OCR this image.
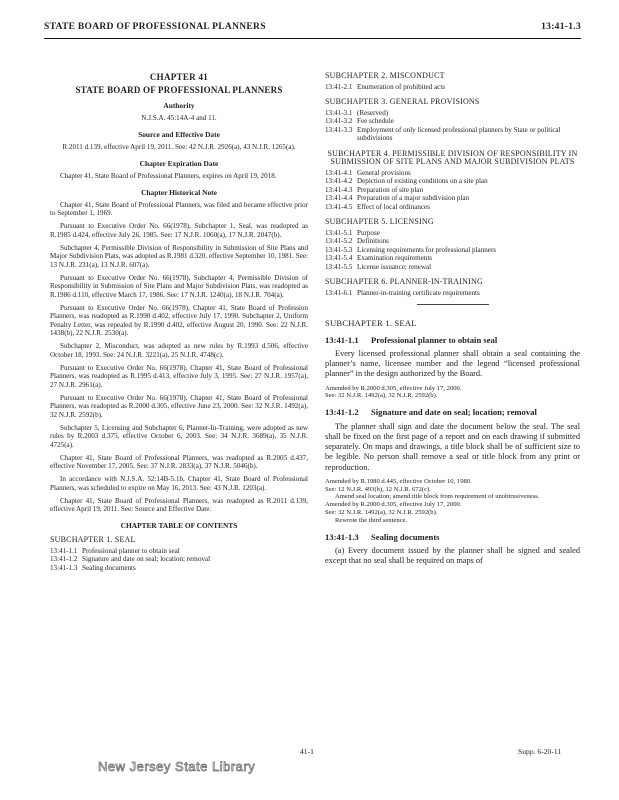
STATE BOARD OF PROFESSIONAL PLANNERS	13:41-1.3
CHAPTER 41
STATE BOARD OF PROFESSIONAL PLANNERS
Authority
N.J.S.A. 45:14A-4 and 11.
Source and Effective Date
R.2011 d.139, effective April 19, 2011. See: 42 N.J.R. 2926(a), 43 N.J.R. 1265(a).
Chapter Expiration Date

Chapter 41, State Board of Professional Planners, expires on April 19, 2018.

Chapter Historical Note

Chapter 41, State Board of Professional Planners, was filed and became effective prior to September 1, 1969.

Pursuant to Executive Order No. 66(1978), Subchapter 1, Seal, was readopted as R.1985 d.424, effective July 26, 1985. See: 17 N.J.R. 1060(a), 17 N.J.R. 2047(b).

Subchapter 4, Permissible Division of Responsibility in Submission of Site Plans and Major Subdivision Plats, was adopted as R.1981 d.320, effective September 10, 1981. See: 13 N.J.R. 231(a), 13 N.J.R. 607(a).

Pursuant to Executive Order No. 66(1978), Subchapter 4, Permissible Division of Responsibility in Submission of Site Plans and Major Subdivision Plats, was readopted as R.1986 d.110, effective March 17, 1986. See: 17 N.J.R. 1240(a), 18 N.J.R. 704(a).

Pursuant to Executive Order No. 66(1978), Chapter 41, State Board of Profession Planners, was readopted as R.1990 d.402, effective July 17, 1990. Subchapter 2, Uniform Penalty Letter, was repealed by R.1990 d.402, effective August 20, 1990. See: 22 N.J.R. 1438(b), 22 N.J.R. 2530(a).

Subchapter 2, Misconduct, was adopted as new rules by R.1993 d.506, effective October 18, 1993. See: 24 N.J.R. 3221(a), 25 N.J.R. 4748(c).

Pursuant to Executive Order No. 66(1978), Chapter 41, State Board of Professional Planners, was readopted as R.1995 d.413, effective July 3, 1995. See: 27 N.J.R. 1957(a), 27 N.J.R. 2961(a).

Pursuant to Executive Order No. 66(1978), Chapter 41, State Board of Professional Planners, was readopted as R.2000 d.305, effective June 23, 2000. See: 32 N.J.R. 1492(a), 32 N.J.R. 2592(b).

Subchapter 5, Licensing and Subchapter 6, Planner-In-Training, were adopted as new rules by R.2003 d.375, effective October 6, 2003. See: 34 N.J.R. 3689(a), 35 N.J.R. 4725(a).

Chapter 41, State Board of Professional Planners, was readopted as R.2005 d.437, effective November 17, 2005. See: 37 N.J.R. 2833(a), 37 N.J.R. 5046(b).

In accordance with N.J.S.A. 52:14B-5.1b, Chapter 41, State Board of Professional Planners, was scheduled to expire on May 16, 2013. See: 43 N.J.R. 1203(a).

Chapter 41, State Board of Professional Planners, was readopted as R.2011 d.139, effective April 19, 2011. See: Source and Effective Date.

CHAPTER TABLE OF CONTENTS
SUBCHAPTER 1. SEAL
13:41-1.1 Professional planner to obtain seal
13:41-1.2 Signature and date on seal; location; removal
13:41-1.3 Sealing documents
SUBCHAPTER 2. MISCONDUCT
13:41-2.1 Enumeration of prohibited acts
SUBCHAPTER 3. GENERAL PROVISIONS
13:41-3.1 (Reserved)
13:41-3.2 Fee schedule
13:41-3.3 Employment of only licensed professional planners by State or political subdivisions
SUBCHAPTER 4. PERMISSIBLE DIVISION OF RESPONSIBILITY IN SUBMISSION OF SITE PLANS AND MAJOR SUBDIVISION PLATS
13:41-4.1 General provisions
13:41-4.2 Depiction of existing conditions on a site plan
13:41-4.3 Preparation of site plan
13:41-4.4 Preparation of a major subdivision plan
13:41-4.5 Effect of local ordinances
SUBCHAPTER 5. LICENSING
13:41-5.1 Purpose
13:41-5.2 Definitions
13:41-5.3 Licensing requirements for professional planners
13:41-5.4 Examination requirements
13:41-5.5 License issuance; renewal
SUBCHAPTER 6. PLANNER-IN-TRAINING
13:41-6.1 Planner-in-training certificate requirements
SUBCHAPTER 1. SEAL
13:41-1.1	Professional planner to obtain seal

Every licensed professional planner shall obtain a seal containing the planner’s name, licensee number and the legend “licensed professional planner” in the design authorized by the Board.

Amended by R.2000 d.305, effective July 17, 2000.
See: 32 N.J.R. 1492(a), 32 N.J.R. 2592(b).
13:41-1.2	Signature and date on seal; location; removal

The planner shall sign and date the document below the seal. The seal shall be fixed on the first page of a report and on each drawing if submitted separately. On maps and drawings, a title block shall be of sufficient size to be legible. No person shall remove a seal or title block from any print or reproduction.

Amended by R.1980 d.445, effective October 10, 1980.
See: 12 N.J.R. 493(b), 12 N.J.R. 672(c).
Amend seal location; amend title block from requirement of unobtrusiveness.
Amended by R.2000 d.305, effective July 17, 2000.
See: 32 N.J.R. 1492(a), 32 N.J.R. 2592(b).
Rewrote the third sentence.
13:41-1.3	Sealing documents

(a) Every document issued by the planner shall be signed and sealed except that no seal shall be required on maps of

41-1	Supp. 6-20-11
New Jersey State Library
